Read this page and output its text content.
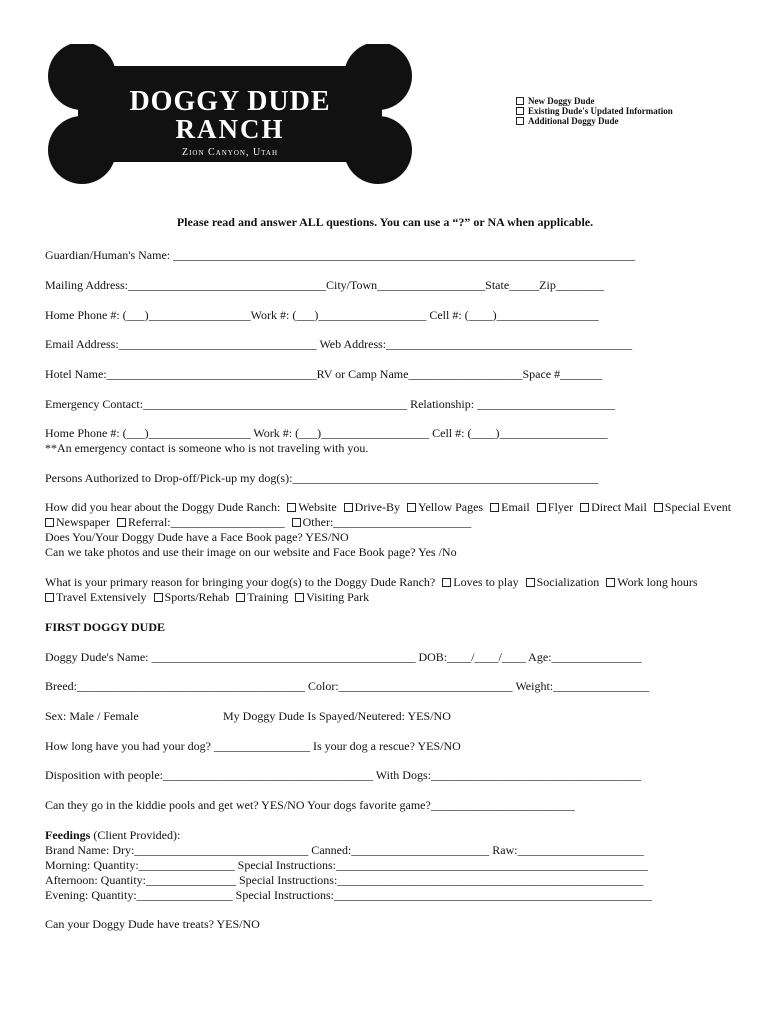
DOGGY DUDE
RANCH
Zion Canyon, Utah
"Large and Small We Love Them All."
New Doggy Dude
Existing Dude's Updated Information
Additional Doggy Dude
Please read and answer ALL questions. You can use a “?” or NA when applicable.
Guardian/Human's Name: _____________________________________________________________________________
Mailing Address:_________________________________City/Town__________________State_____Zip________
Home Phone #: (___)_________________Work #: (___)__________________ Cell #: (____)_________________
Email Address:_________________________________ Web Address:_________________________________________
Hotel Name:___________________________________RV or Camp Name___________________Space #_______
Emergency Contact:____________________________________________ Relationship: _______________________
Home Phone #: (___)_________________ Work #: (___)__________________ Cell #: (____)__________________
**An emergency contact is someone who is not traveling with you.
Persons Authorized to Drop-off/Pick-up my dog(s):___________________________________________________
How did you hear about the Doggy Dude Ranch: Website Drive-By Yellow Pages Email Flyer Direct Mail Special Event
Newspaper Referral:___________________ Other:_______________________
Does You/Your Doggy Dude have a Face Book page? YES/NO
Can we take photos and use their image on our website and Face Book page? Yes /No
What is your primary reason for bringing your dog(s) to the Doggy Dude Ranch? Loves to play Socialization Work long hours
Travel Extensively Sports/Rehab Training Visiting Park
FIRST DOGGY DUDE
Doggy Dude's Name: ____________________________________________ DOB:____/____/____ Age:_______________
Breed:______________________________________ Color:_____________________________ Weight:________________
Sex: Male / Female	My Doggy Dude Is Spayed/Neutered: YES/NO
How long have you had your dog? ________________ Is your dog a rescue? YES/NO
Disposition with people:___________________________________ With Dogs:___________________________________
Can they go in the kiddie pools and get wet? YES/NO Your dogs favorite game?________________________
Feedings (Client Provided):
Brand Name: Dry:_____________________________ Canned:_______________________ Raw:_____________________
Morning: Quantity:________________ Special Instructions:____________________________________________________
Afternoon: Quantity:_______________ Special Instructions:___________________________________________________
Evening: Quantity:________________ Special Instructions:_____________________________________________________
Can your Doggy Dude have treats? YES/NO
